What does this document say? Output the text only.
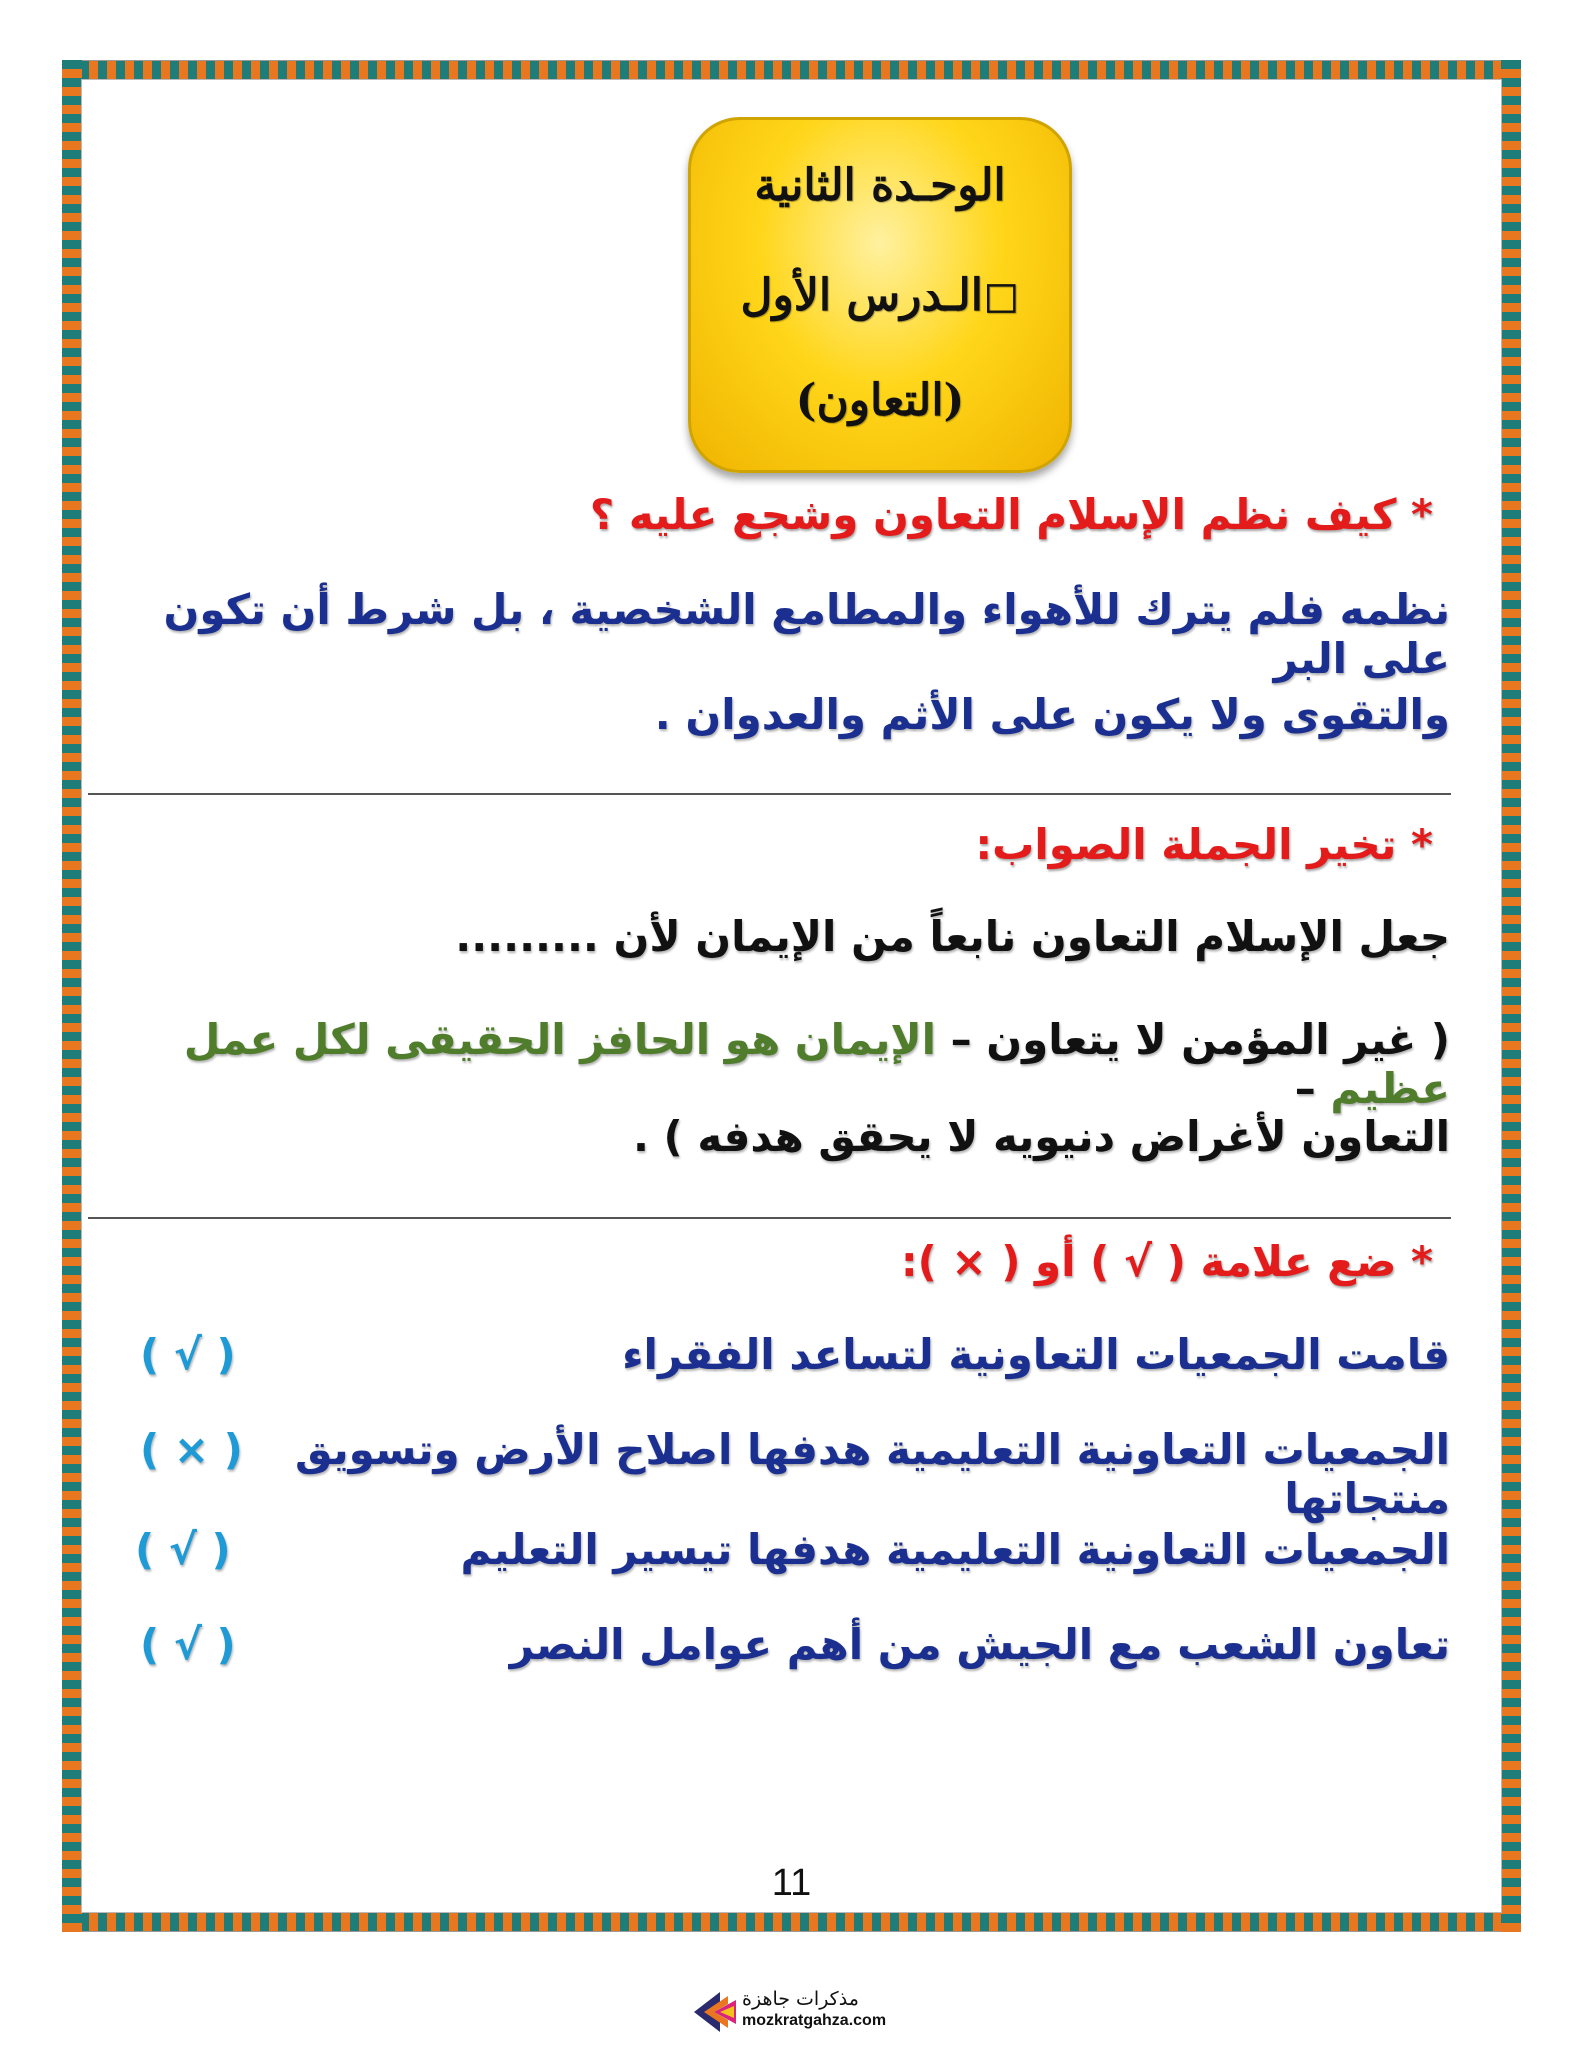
الوحـدة الثانية
◻الـدرس الأول
(التعاون)
* كيف نظم الإسلام التعاون وشجع عليه ؟
نظمه فلم يترك للأهواء والمطامع الشخصية ، بل شرط أن تكون على البر
والتقوى ولا يكون على الأثم والعدوان .
* تخير الجملة الصواب:
جعل الإسلام التعاون نابعاً من الإيمان لأن .........
( غير المؤمن لا يتعاون – الإيمان هو الحافز الحقيقى لكل عمل عظيم –
التعاون لأغراض دنيويه لا يحقق هدفه ) .
* ضع علامة ( √ ) أو ( × ):
قامت الجمعيات التعاونية لتساعد الفقراء
( √ )
الجمعيات التعاونية التعليمية هدفها اصلاح الأرض وتسويق منتجاتها
( × )
الجمعيات التعاونية التعليمية هدفها تيسير التعليم
( √ )
تعاون الشعب مع الجيش من أهم عوامل النصر
( √ )
11
مذكرات جاهزة
mozkratgahza.com
